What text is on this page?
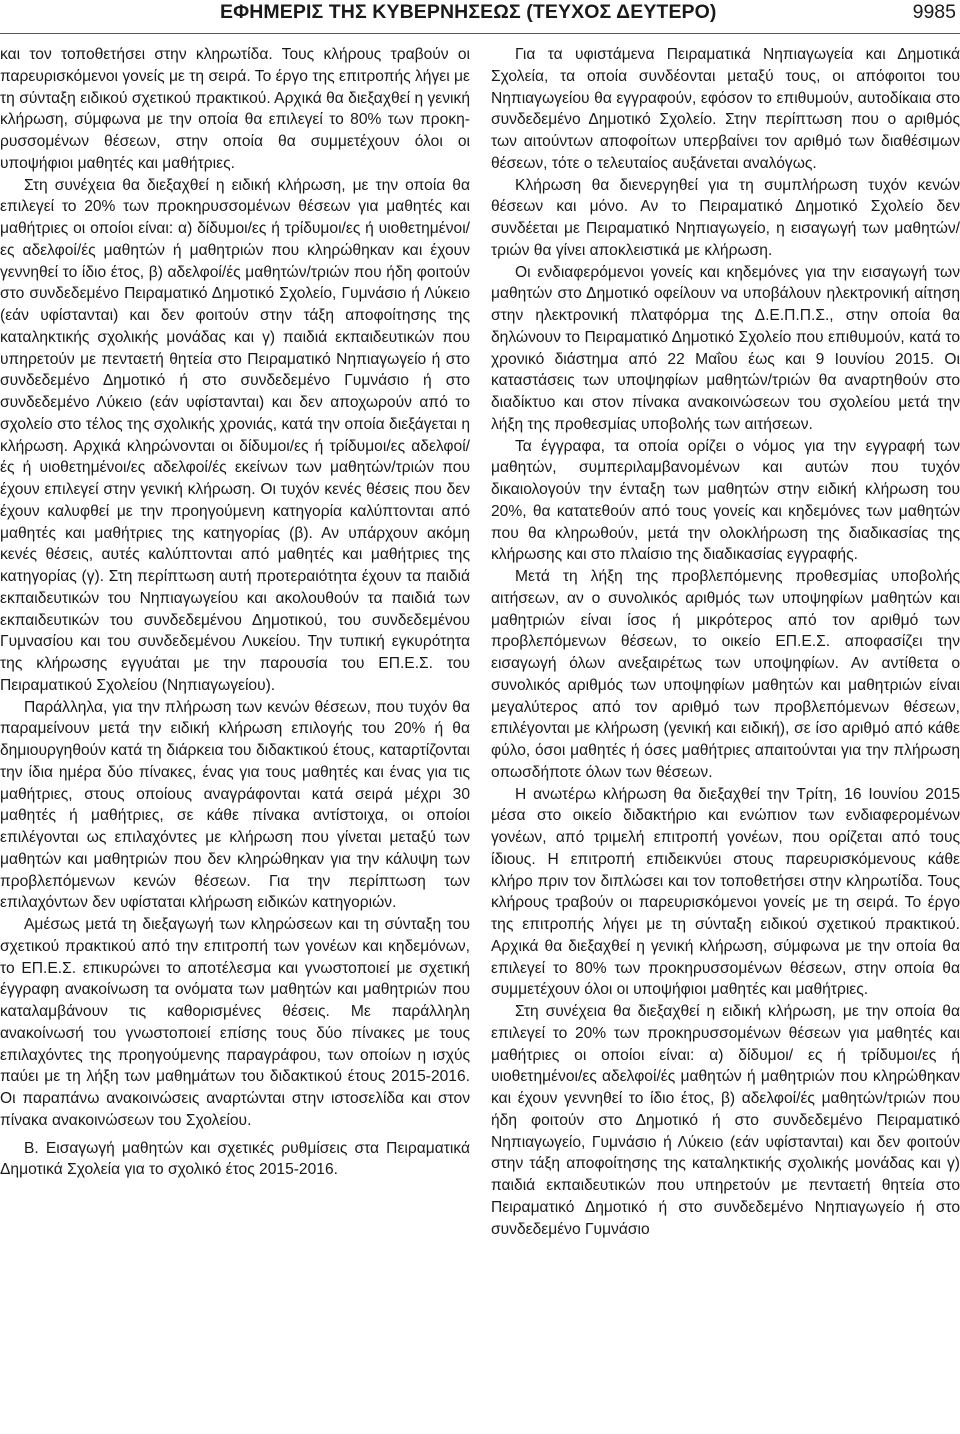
ΕΦΗΜΕΡΙΣ ΤΗΣ ΚΥΒΕΡΝΗΣΕΩΣ (ΤΕΥΧΟΣ ΔΕΥΤΕΡΟ)	9985

και τον τοποθετήσει στην κληρωτίδα. Τους κλήρους τραβούν οι παρευρισκόμενοι γονείς με τη σειρά. Το έργο της επιτροπής λήγει με τη σύνταξη ειδικού σχετικού πρακτικού. Αρχικά θα διεξαχθεί η γενική κλήρωση, σύμφωνα με την οποία θα επιλεγεί το 80% των προκηρυσσομένων θέσεων, στην οποία θα συμμετέχουν όλοι οι υποψήφιοι μαθητές και μαθήτριες.

Στη συνέχεια θα διεξαχθεί η ειδική κλήρωση, με την οποία θα επιλεγεί το 20% των προκηρυσσομένων θέσεων για μαθητές και μαθήτριες οι οποίοι είναι: α) δίδυμοι/ες ή τρίδυμοι/ες ή υιοθετημένοι/ες αδελφοί/ές μαθητών ή μαθητριών που κληρώθηκαν και έχουν γεννηθεί το ίδιο έτος, β) αδελφοί/ές μαθητών/τριών που ήδη φοιτούν στο συνδεδεμένο Πειραματικό Δημοτικό Σχολείο, Γυμνάσιο ή Λύκειο (εάν υφίστανται) και δεν φοιτούν στην τάξη αποφοίτησης της καταληκτικής σχολικής μονάδας και γ) παιδιά εκπαιδευτικών που υπηρετούν με πενταετή θητεία στο Πειραματικό Νηπιαγωγείο ή στο συνδεδεμένο Δημοτικό ή στο συνδεδεμένο Γυμνάσιο ή στο συνδεδεμένο Λύκειο (εάν υφίστανται) και δεν αποχωρούν από το σχολείο στο τέλος της σχολικής χρονιάς, κατά την οποία διεξάγεται η κλήρωση. Αρχικά κληρώνονται οι δίδυμοι/ες ή τρίδυμοι/ες αδελφοί/ ές ή υιοθετημένοι/ες αδελφοί/ές εκείνων των μαθητών/τριών που έχουν επιλεγεί στην γενική κλήρωση. Οι τυχόν κενές θέσεις που δεν έχουν καλυφθεί με την προηγούμενη κατηγορία καλύπτονται από μαθητές και μαθήτριες της κατηγορίας (β). Αν υπάρχουν ακόμη κενές θέσεις, αυτές καλύπτονται από μαθητές και μαθήτριες της κατηγορίας (γ). Στη περίπτωση αυτή προτεραιότητα έχουν τα παιδιά εκπαιδευτικών του Νηπιαγωγείου και ακολουθούν τα παιδιά των εκπαιδευτικών του συνδεδεμένου Δημοτικού, του συνδεδεμένου Γυμνασίου και του συνδεδεμένου Λυκείου. Την τυπική εγκυρότητα της κλήρωσης εγγυάται με την παρουσία του ΕΠ.Ε.Σ. του Πειραματικού Σχολείου (Νηπιαγωγείου).

Παράλληλα, για την πλήρωση των κενών θέσεων, που τυχόν θα παραμείνουν μετά την ειδική κλήρωση επιλογής του 20% ή θα δημιουργηθούν κατά τη διάρκεια του διδακτικού έτους, καταρτίζονται την ίδια ημέρα δύο πίνακες, ένας για τους μαθητές και ένας για τις μαθήτριες, στους οποίους αναγράφονται κατά σειρά μέχρι 30 μαθητές ή μαθήτριες, σε κάθε πίνακα αντίστοιχα, οι οποίοι επιλέγονται ως επιλαχόντες με κλήρωση που γίνεται μεταξύ των μαθητών και μαθητριών που δεν κληρώθηκαν για την κάλυψη των προβλεπόμενων κενών θέσεων. Για την περίπτωση των επιλαχόντων δεν υφίσταται κλήρωση ειδικών κατηγοριών.

Αμέσως μετά τη διεξαγωγή των κληρώσεων και τη σύνταξη του σχετικού πρακτικού από την επιτροπή των γονέων και κηδεμόνων, το ΕΠ.Ε.Σ. επικυρώνει το αποτέλεσμα και γνωστοποιεί με σχετική έγγραφη ανακοίνωση τα ονόματα των μαθητών και μαθητριών που καταλαμβάνουν τις καθορισμένες θέσεις. Με παράλληλη ανακοίνωσή του γνωστοποιεί επίσης τους δύο πίνακες με τους επιλαχόντες της προηγούμενης παραγράφου, των οποίων η ισχύς παύει με τη λήξη των μαθημάτων του διδακτικού έτους 2015-2016. Οι παραπάνω ανακοινώσεις αναρτώνται στην ιστοσελίδα και στον πίνακα ανακοινώσεων του Σχολείου.

Β. Εισαγωγή μαθητών και σχετικές ρυθμίσεις στα Πειραματικά Δημοτικά Σχολεία για το σχολικό έτος 2015-2016.

Για τα υφιστάμενα Πειραματικά Νηπιαγωγεία και Δημοτικά Σχολεία, τα οποία συνδέονται μεταξύ τους, οι απόφοιτοι του Νηπιαγωγείου θα εγγραφούν, εφόσον το επιθυμούν, αυτοδίκαια στο συνδεδεμένο Δημοτικό Σχολείο. Στην περίπτωση που ο αριθμός των αιτούντων αποφοίτων υπερβαίνει τον αριθμό των διαθέσιμων θέσεων, τότε ο τελευταίος αυξάνεται αναλόγως.

Κλήρωση θα διενεργηθεί για τη συμπλήρωση τυχόν κενών θέσεων και μόνο. Αν το Πειραματικό Δημοτικό Σχολείο δεν συνδέεται με Πειραματικό Νηπιαγωγείο, η εισαγωγή των μαθητών/τριών θα γίνει αποκλειστικά με κλήρωση.

Οι ενδιαφερόμενοι γονείς και κηδεμόνες για την εισαγωγή των μαθητών στο Δημοτικό οφείλουν να υποβάλουν ηλεκτρονική αίτηση στην ηλεκτρονική πλατφόρμα της Δ.Ε.Π.Π.Σ., στην οποία θα δηλώνουν το Πειραματικό Δημοτικό Σχολείο που επιθυμούν, κατά το χρονικό διάστημα από 22 Μαΐου έως και 9 Ιουνίου 2015. Οι καταστάσεις των υποψηφίων μαθητών/τριών θα αναρτηθούν στο διαδίκτυο και στον πίνακα ανακοινώσεων του σχολείου μετά την λήξη της προθεσμίας υποβολής των αιτήσεων.

Τα έγγραφα, τα οποία ορίζει ο νόμος για την εγγραφή των μαθητών, συμπεριλαμβανομένων και αυτών που τυχόν δικαιολογούν την ένταξη των μαθητών στην ειδική κλήρωση του 20%, θα κατατεθούν από τους γονείς και κηδεμόνες των μαθητών που θα κληρωθούν, μετά την ολοκλήρωση της διαδικασίας της κλήρωσης και στο πλαίσιο της διαδικασίας εγγραφής.

Μετά τη λήξη της προβλεπόμενης προθεσμίας υποβολής αιτήσεων, αν ο συνολικός αριθμός των υποψηφίων μαθητών και μαθητριών είναι ίσος ή μικρότερος από τον αριθμό των προβλεπόμενων θέσεων, το οικείο ΕΠ.Ε.Σ. αποφασίζει την εισαγωγή όλων ανεξαιρέτως των υποψηφίων. Αν αντίθετα ο συνολικός αριθμός των υποψηφίων μαθητών και μαθητριών είναι μεγαλύτερος από τον αριθμό των προβλεπόμενων θέσεων, επιλέγονται με κλήρωση (γενική και ειδική), σε ίσο αριθμό από κάθε φύλο, όσοι μαθητές ή όσες μαθήτριες απαιτούνται για την πλήρωση οπωσδήποτε όλων των θέσεων.

Η ανωτέρω κλήρωση θα διεξαχθεί την Τρίτη, 16 Ιουνίου 2015 μέσα στο οικείο διδακτήριο και ενώπιον των ενδιαφερομένων γονέων, από τριμελή επιτροπή γονέων, που ορίζεται από τους ίδιους. Η επιτροπή επιδεικνύει στους παρευρισκόμενους κάθε κλήρο πριν τον διπλώσει και τον τοποθετήσει στην κληρωτίδα. Τους κλήρους τραβούν οι παρευρισκόμενοι γονείς με τη σειρά. Το έργο της επιτροπής λήγει με τη σύνταξη ειδικού σχετικού πρακτικού. Αρχικά θα διεξαχθεί η γενική κλήρωση, σύμφωνα με την οποία θα επιλεγεί το 80% των προκηρυσσομένων θέσεων, στην οποία θα συμμετέχουν όλοι οι υποψήφιοι μαθητές και μαθήτριες.

Στη συνέχεια θα διεξαχθεί η ειδική κλήρωση, με την οποία θα επιλεγεί το 20% των προκηρυσσομένων θέσεων για μαθητές και μαθήτριες οι οποίοι είναι: α) δίδυμοι/ ες ή τρίδυμοι/ες ή υιοθετημένοι/ες αδελφοί/ές μαθητών ή μαθητριών που κληρώθηκαν και έχουν γεννηθεί το ίδιο έτος, β) αδελφοί/ές μαθητών/τριών που ήδη φοιτούν στο Δημοτικό ή στο συνδεδεμένο Πειραματικό Νηπιαγωγείο, Γυμνάσιο ή Λύκειο (εάν υφίστανται) και δεν φοιτούν στην τάξη αποφοίτησης της καταληκτικής σχολικής μονάδας και γ) παιδιά εκπαιδευτικών που υπηρετούν με πενταετή θητεία στο Πειραματικό Δημοτικό ή στο συνδεδεμένο Νηπιαγωγείο ή στο συνδεδεμένο Γυμνάσιο
